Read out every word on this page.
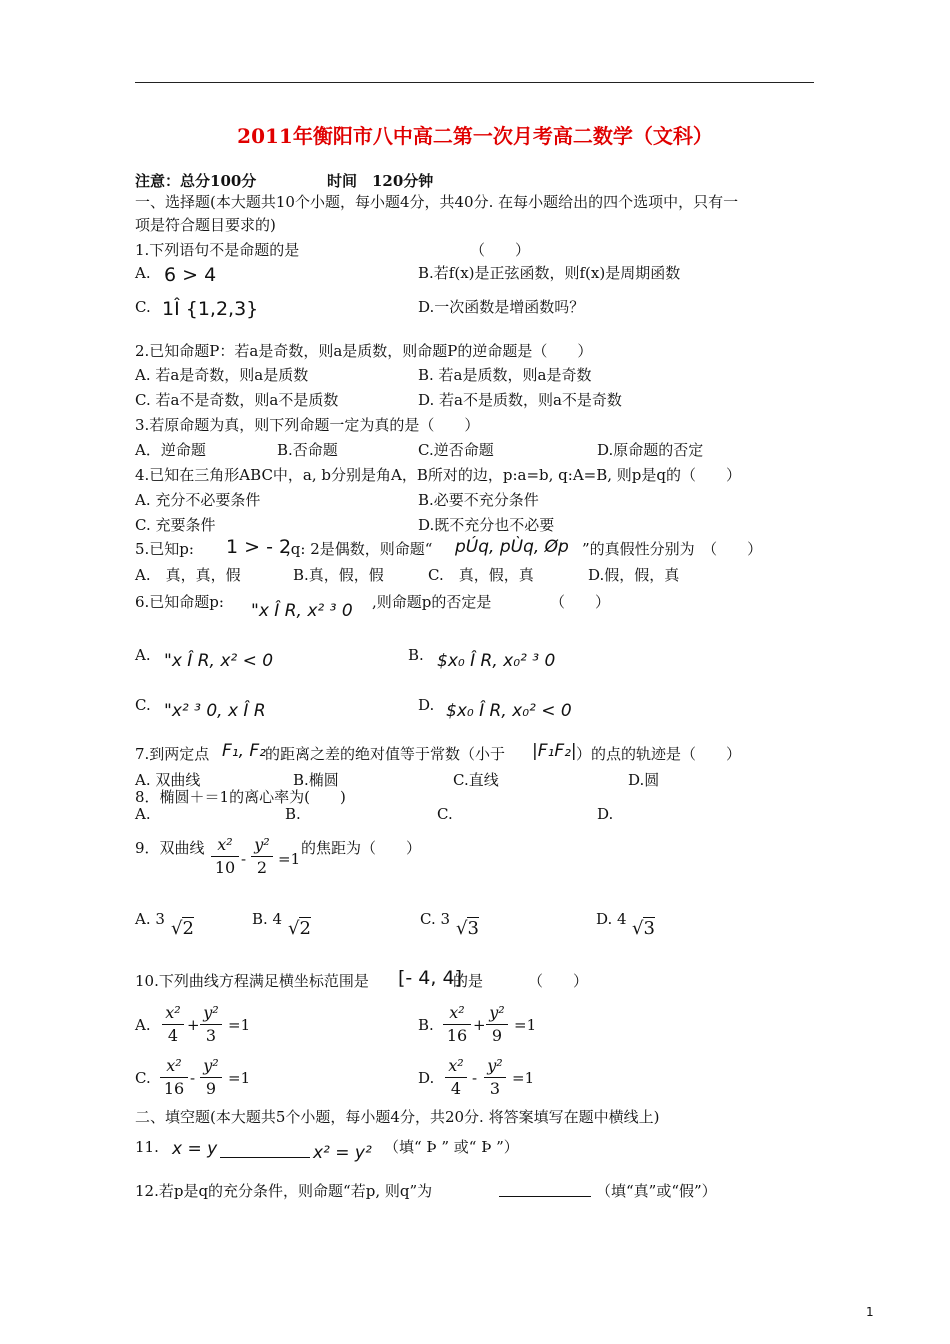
2011年衡阳市八中高二第一次月考高二数学（文科）
注意：总分100分	时间　120分钟
一、选择题(本大题共10个小题，每小题4分，共40分. 在每小题给出的四个选项中，只有一
项是符合题目要求的)
1.下列语句不是命题的是	（　　）
A. 6 > 4	B.若f(x)是正弦函数，则f(x)是周期函数
C. 1Î {1,2,3}	D.一次函数是增函数吗？
2.已知命题P：若a是奇数，则a是质数，则命题P的逆命题是（　　）
A. 若a是奇数，则a是质数	B. 若a是质数，则a是奇数
C. 若a不是奇数，则a不是质数	D. 若a不是质数，则a不是奇数
3.若原命题为真，则下列命题一定为真的是（　　）
A．逆命题	B.否命题	C.逆否命题	D.原命题的否定
4.已知在三角形ABC中，a, b分别是角A，B所对的边，p:a=b, q:A=B, 则p是q的（　　）
A. 充分不必要条件	B.必要不充分条件
C. 充要条件	D.既不充分也不必要
5.已知p: 1 > - 2
,q: 2是偶数，则命题“ pÚq, pÙq, Øp ”的真假性分别为　（　　）
A.　真，真，假	B.真，假，假	C.　真，假，真	D.假，假，真
6.已知命题p: "x Î R, x² ³ 0 ,则命题p的否定是	（　　）
A. "x Î R, x² < 0	B. $x₀ Î R, x₀² ³ 0
C. "x² ³ 0, x Î R	D. $x₀ Î R, x₀² < 0
7.到两定点 F₁, F₂ 的距离之差的绝对值等于常数（小于 |F₁F₂| ）的点的轨迹是（　　）
A. 双曲线	B.椭圆	C.直线	D.圆
8．椭圆＋＝1的离心率为(　　)
A.	B.	C.	D.
9．双曲线 x²
10 -
y²
2 =1
的焦距为（　　）
A. 3 √2	B. 4 √2	C. 3 √3	D. 4 √3
10.下列曲线方程满足横坐标范围是 [- 4, 4]
的是	（　　）
A.
x²
4
+
y²
3
=1	B.
x²
16
+
y²
9
=1
C.
x²
16
-
y²
9
=1	D.
x²
4
-
y²
3
=1
二、填空题(本大题共5个小题，每小题4分，共20分. 将答案填写在题中横线上)
11. x = y	x² = y² （填“ Þ ” 或“ Þ ”）
12.若p是q的充分条件，则命题“若p, 则q”为	（填“真”或“假”）
1
